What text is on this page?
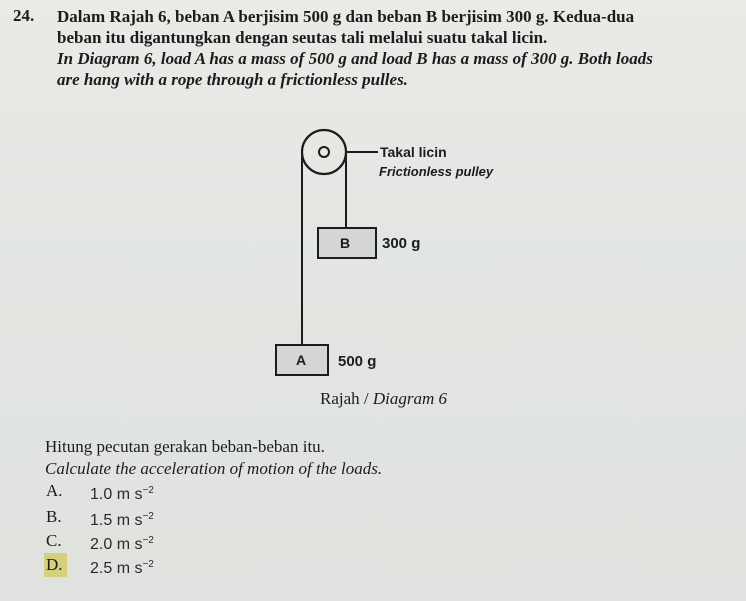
24. Dalam Rajah 6, beban A berjisim 500 g dan beban B berjisim 300 g. Kedua-dua
beban itu digantungkan dengan seutas tali melalui suatu takal licin.
In Diagram 6, load A has a mass of 500 g and load B has a mass of 300 g. Both loads
are hang with a rope through a frictionless pulles.
Takal licin
Frictionless pulley
B 300 g
A 500 g
Rajah / Diagram 6
Hitung pecutan gerakan beban-beban itu.
Calculate the acceleration of motion of the loads.
A. 1.0 m $s^{-2}$
B. 1.5 m $s^{-2}$
C. 2.0 m $s^{-2}$
D. 2.5 m $s^{-2}$
